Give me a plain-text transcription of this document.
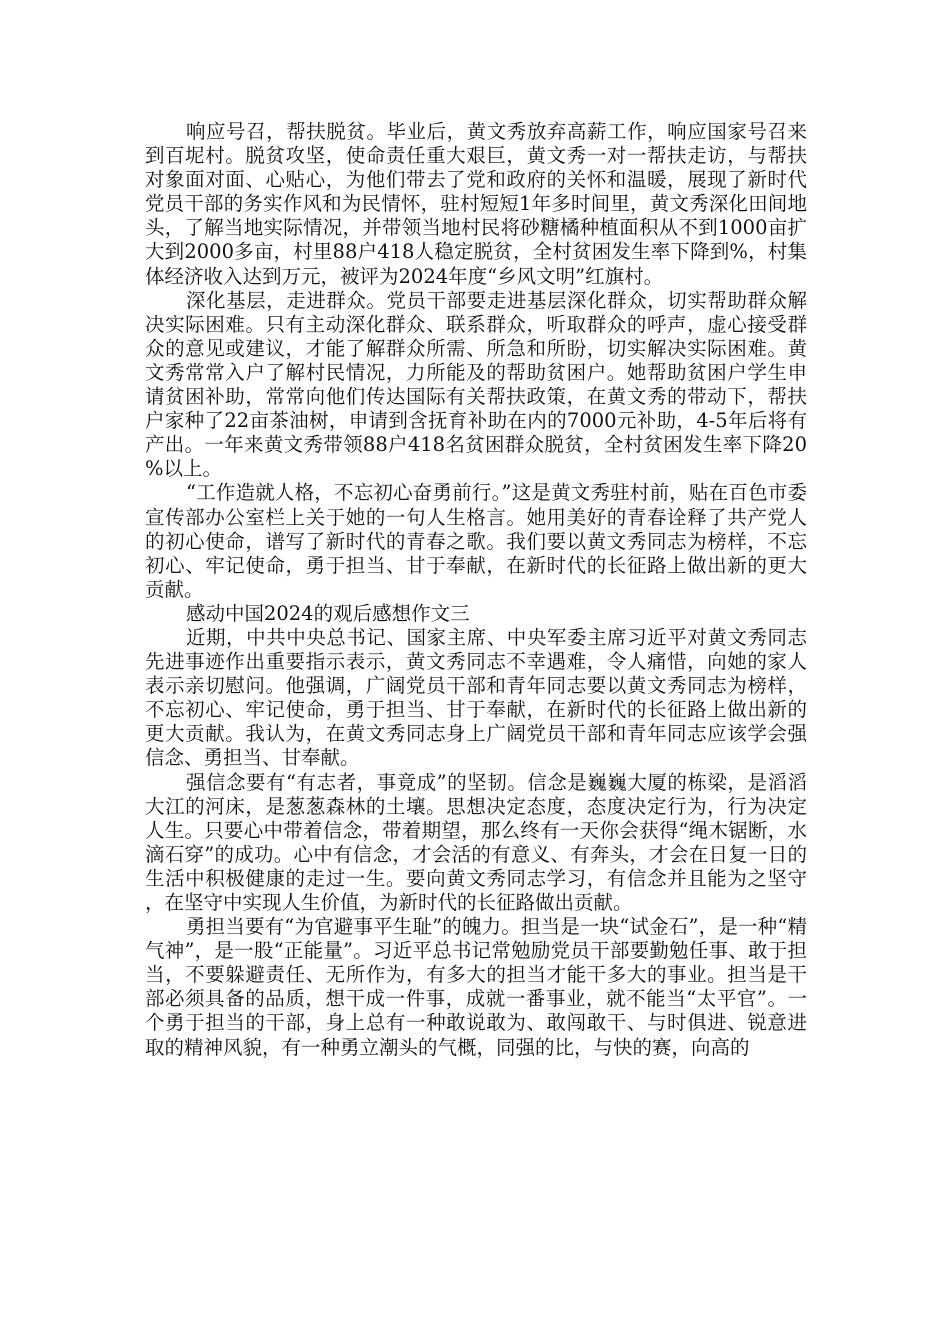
响应号召，帮扶脱贫。毕业后，黄文秀放弃高薪工作，响应国家号召来到百坭村。脱贫攻坚，使命责任重大艰巨，黄文秀一对一帮扶走访，与帮扶对象面对面、心贴心，为他们带去了党和政府的关怀和温暖，展现了新时代党员干部的务实作风和为民情怀，驻村短短1年多时间里，黄文秀深化田间地头，了解当地实际情况，并带领当地村民将砂糖橘种植面积从不到1000亩扩大到2000多亩，村里88户418人稳定脱贫，全村贫困发生率下降到%，村集体经济收入达到万元，被评为2024年度“乡风文明”红旗村。

深化基层，走进群众。党员干部要走进基层深化群众，切实帮助群众解决实际困难。只有主动深化群众、联系群众，听取群众的呼声，虚心接受群众的意见或建议，才能了解群众所需、所急和所盼，切实解决实际困难。黄文秀常常入户了解村民情况，力所能及的帮助贫困户。她帮助贫困户学生申请贫困补助，常常向他们传达国际有关帮扶政策，在黄文秀的带动下，帮扶户家种了22亩茶油树，申请到含抚育补助在内的7000元补助，4-5年后将有产出。一年来黄文秀带领88户418名贫困群众脱贫，全村贫困发生率下降20%以上。

“工作造就人格，不忘初心奋勇前行。”这是黄文秀驻村前，贴在百色市委宣传部办公室栏上关于她的一句人生格言。她用美好的青春诠释了共产党人的初心使命，谱写了新时代的青春之歌。我们要以黄文秀同志为榜样，不忘初心、牢记使命，勇于担当、甘于奉献，在新时代的长征路上做出新的更大贡献。

感动中国2024的观后感想作文三

近期，中共中央总书记、国家主席、中央军委主席习近平对黄文秀同志先进事迹作出重要指示表示，黄文秀同志不幸遇难，令人痛惜，向她的家人表示亲切慰问。他强调，广阔党员干部和青年同志要以黄文秀同志为榜样，不忘初心、牢记使命，勇于担当、甘于奉献，在新时代的长征路上做出新的更大贡献。我认为，在黄文秀同志身上广阔党员干部和青年同志应该学会强信念、勇担当、甘奉献。

强信念要有“有志者，事竟成”的坚韧。信念是巍巍大厦的栋梁，是滔滔大江的河床，是葱葱森林的土壤。思想决定态度，态度决定行为，行为决定人生。只要心中带着信念，带着期望，那么终有一天你会获得“绳木锯断，水滴石穿”的成功。心中有信念，才会活的有意义、有奔头，才会在日复一日的生活中积极健康的走过一生。要向黄文秀同志学习，有信念并且能为之坚守，在坚守中实现人生价值，为新时代的长征路做出贡献。

勇担当要有“为官避事平生耻”的魄力。担当是一块“试金石”，是一种“精气神”，是一股“正能量”。习近平总书记常勉励党员干部要勤勉任事、敢于担当，不要躲避责任、无所作为，有多大的担当才能干多大的事业。担当是干部必须具备的品质，想干成一件事，成就一番事业，就不能当“太平官”。一个勇于担当的干部，身上总有一种敢说敢为、敢闯敢干、与时俱进、锐意进取的精神风貌，有一种勇立潮头的气概，同强的比，与快的赛，向高的
